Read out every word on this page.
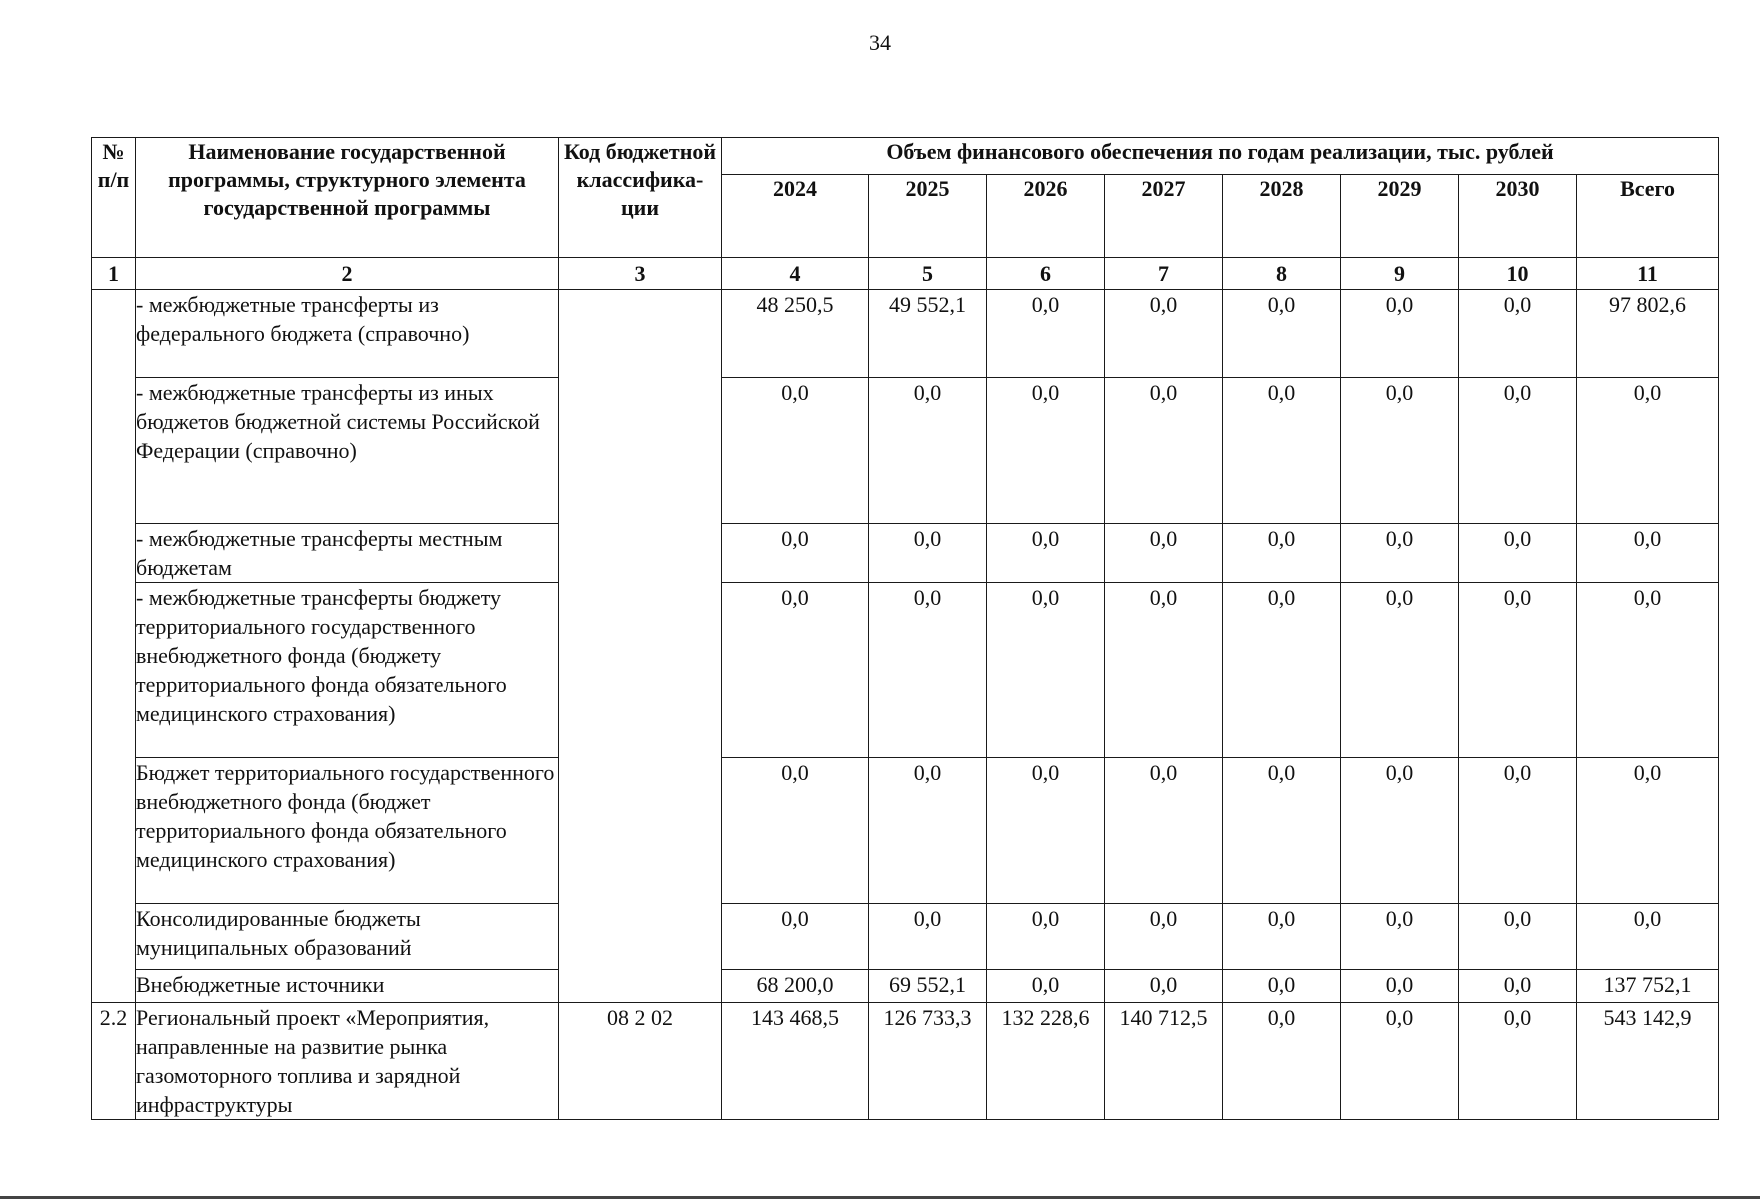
34
№ п/п	Наименование государственной программы, структурного элемента государственной программы	Код бюджетной классифика-ции	Объем финансового обеспечения по годам реализации, тыс. рублей							
			2024	2025	2026	2027	2028	2029	2030	Всего
1	2	3	4	5	6	7	8	9	10	11
	- межбюджетные трансферты из федерального бюджета (справочно)		48 250,5	49 552,1	0,0	0,0	0,0	0,0	0,0	97 802,6
	- межбюджетные трансферты из иных бюджетов бюджетной системы Российской Федерации (справочно)		0,0	0,0	0,0	0,0	0,0	0,0	0,0	0,0
	- межбюджетные трансферты местным бюджетам		0,0	0,0	0,0	0,0	0,0	0,0	0,0	0,0
	- межбюджетные трансферты бюджету территориального государственного внебюджетного фонда (бюджету территориального фонда обязательного медицинского страхования)		0,0	0,0	0,0	0,0	0,0	0,0	0,0	0,0
	Бюджет территориального государственного внебюджетного фонда (бюджет территориального фонда обязательного медицинского страхования)		0,0	0,0	0,0	0,0	0,0	0,0	0,0	0,0
	Консолидированные бюджеты муниципальных образований		0,0	0,0	0,0	0,0	0,0	0,0	0,0	0,0
	Внебюджетные источники		68 200,0	69 552,1	0,0	0,0	0,0	0,0	0,0	137 752,1
2.2	Региональный проект «Мероприятия, направленные на развитие рынка газомоторного топлива и зарядной инфраструктуры	08 2 02	143 468,5	126 733,3	132 228,6	140 712,5	0,0	0,0	0,0	543 142,9
